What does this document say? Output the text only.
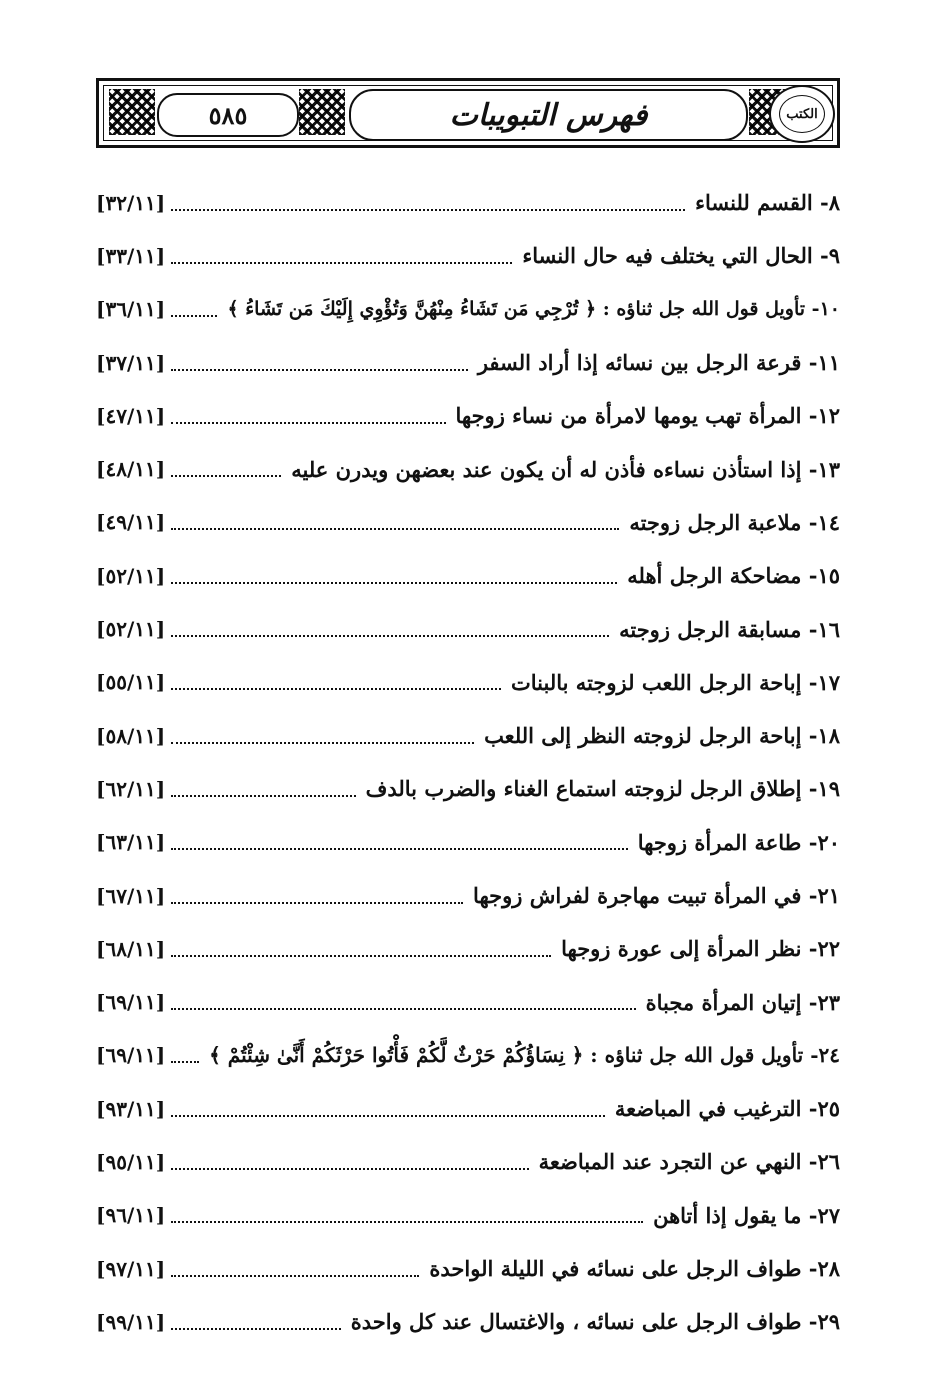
٥٨٥	فهرس التبويبات	الكتب
٨- القسم للنساء
[٣٢/١١]
٩- الحال التي يختلف فيه حال النساء
[٣٣/١١]
١٠- تأويل قول الله جل ثناؤه : ﴿ تُرْجِي مَن تَشَاءُ مِنْهُنَّ وَتُؤْوِي إِلَيْكَ مَن تَشَاءُ ﴾
[٣٦/١١]
١١- قرعة الرجل بين نسائه إذا أراد السفر
[٣٧/١١]
١٢- المرأة تهب يومها لامرأة من نساء زوجها
[٤٧/١١]
١٣- إذا استأذن نساءه فأذن له أن يكون عند بعضهن ويدرن عليه
[٤٨/١١]
١٤- ملاعبة الرجل زوجته
[٤٩/١١]
١٥- مضاحكة الرجل أهله
[٥٢/١١]
١٦- مسابقة الرجل زوجته
[٥٢/١١]
١٧- إباحة الرجل اللعب لزوجته بالبنات
[٥٥/١١]
١٨- إباحة الرجل لزوجته النظر إلى اللعب
[٥٨/١١]
١٩- إطلاق الرجل لزوجته استماع الغناء والضرب بالدف
[٦٢/١١]
٢٠- طاعة المرأة زوجها
[٦٣/١١]
٢١- في المرأة تبيت مهاجرة لفراش زوجها
[٦٧/١١]
٢٢- نظر المرأة إلى عورة زوجها
[٦٨/١١]
٢٣- إتيان المرأة مجباة
[٦٩/١١]
٢٤- تأويل قول الله جل ثناؤه : ﴿ نِسَاؤُكُمْ حَرْثٌ لَّكُمْ فَأْتُوا حَرْثَكُمْ أَنَّىٰ شِئْتُمْ ﴾
[٦٩/١١]
٢٥- الترغيب في المباضعة
[٩٣/١١]
٢٦- النهي عن التجرد عند المباضعة
[٩٥/١١]
٢٧- ما يقول إذا أتاهن
[٩٦/١١]
٢٨- طواف الرجل على نسائه في الليلة الواحدة
[٩٧/١١]
٢٩- طواف الرجل على نسائه ، والاغتسال عند كل واحدة
[٩٩/١١]
